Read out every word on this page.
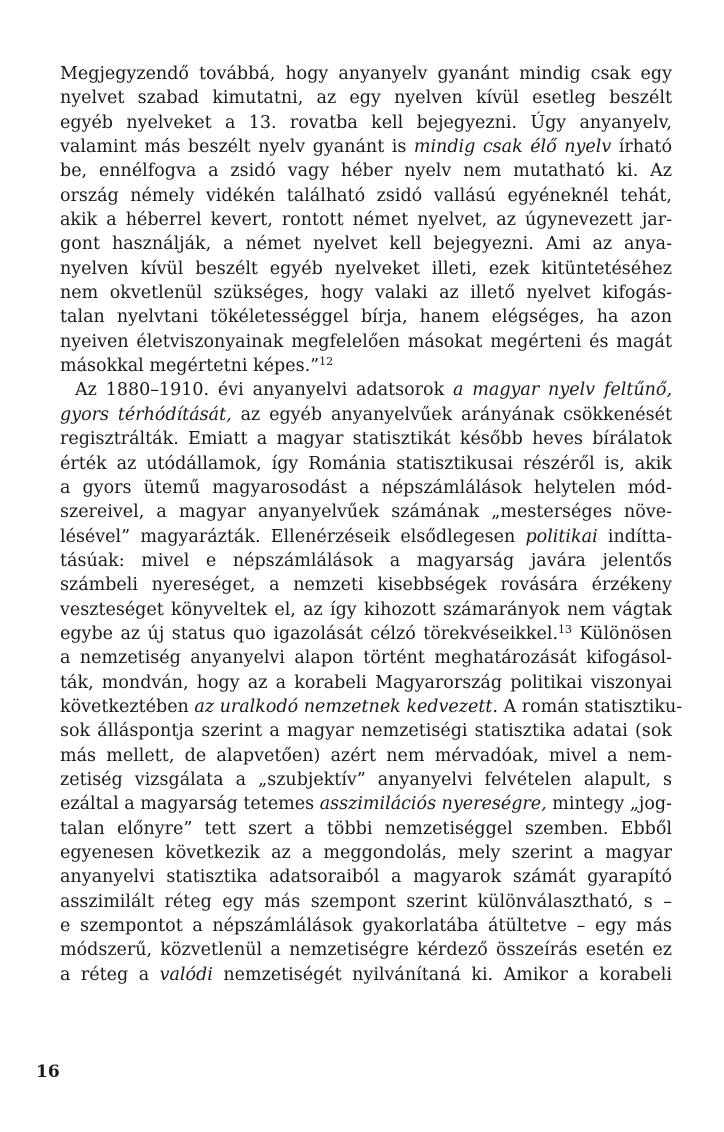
Megjegyzendő továbbá, hogy anyanyelv gyanánt mindig csak egy
nyelvet szabad kimutatni, az egy nyelven kívül esetleg beszélt
egyéb nyelveket a 13. rovatba kell bejegyezni. Úgy anyanyelv,
valamint más beszélt nyelv gyanánt is mindig csak élő nyelv írható
be, ennélfogva a zsidó vagy héber nyelv nem mutatható ki. Az
ország némely vidékén található zsidó vallású egyéneknél tehát,
akik a héberrel kevert, rontott német nyelvet, az úgynevezett jar-
gont használják, a német nyelvet kell bejegyezni. Ami az anya-
nyelven kívül beszélt egyéb nyelveket illeti, ezek kitüntetéséhez
nem okvetlenül szükséges, hogy valaki az illető nyelvet kifogás-
talan nyelvtani tökéletességgel bírja, hanem elégséges, ha azon
nyeiven életviszonyainak megfelelően másokat megérteni és magát
másokkal megértetni képes.”$^{12}$
Az 1880–1910. évi anyanyelvi adatsorok a magyar nyelv feltűnő,
gyors térhódítását, az egyéb anyanyelvűek arányának csökkenését
regisztrálták. Emiatt a magyar statisztikát később heves bírálatok
érték az utódállamok, így Románia statisztikusai részéről is, akik
a gyors ütemű magyarosodást a népszámlálások helytelen mód-
szereivel, a magyar anyanyelvűek számának „mesterséges növe-
lésével” magyarázták. Ellenérzéseik elsődlegesen politikai indítta-
tásúak: mivel e népszámlálások a magyarság javára jelentős
számbeli nyereséget, a nemzeti kisebbségek rovására érzékeny
veszteséget könyveltek el, az így kihozott számarányok nem vágtak
egybe az új status quo igazolását célzó törekvéseikkel.$^{13}$ Különösen
a nemzetiség anyanyelvi alapon történt meghatározását kifogásol-
ták, mondván, hogy az a korabeli Magyarország politikai viszonyai
következtében az uralkodó nemzetnek kedvezett. A román statisztiku-
sok álláspontja szerint a magyar nemzetiségi statisztika adatai (sok
más mellett, de alapvetően) azért nem mérvadóak, mivel a nem-
zetiség vizsgálata a „szubjektív” anyanyelvi felvételen alapult, s
ezáltal a magyarság tetemes asszimilációs nyereségre, mintegy „jog-
talan előnyre” tett szert a többi nemzetiséggel szemben. Ebből
egyenesen következik az a meggondolás, mely szerint a magyar
anyanyelvi statisztika adatsoraiból a magyarok számát gyarapító
asszimilált réteg egy más szempont szerint különválasztható, s –
e szempontot a népszámlálások gyakorlatába átültetve – egy más
módszerű, közvetlenül a nemzetiségre kérdező összeírás esetén ez
a réteg a valódi nemzetiségét nyilvánítaná ki. Amikor a korabeli
16
